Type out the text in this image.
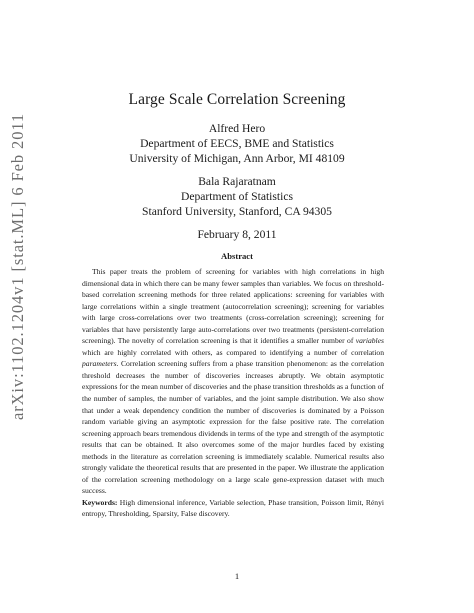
arXiv:1102.1204v1 [stat.ML] 6 Feb 2011
Large Scale Correlation Screening
Alfred Hero
Department of EECS, BME and Statistics
University of Michigan, Ann Arbor, MI 48109
Bala Rajaratnam
Department of Statistics
Stanford University, Stanford, CA 94305
February 8, 2011
Abstract

This paper treats the problem of screening for variables with high correlations in high dimensional data in which there can be many fewer samples than variables. We focus on threshold-based correlation screening methods for three related applications: screening for variables with large correlations within a single treatment (autocorrelation screening); screening for variables with large cross-correlations over two treatments (cross-correlation screening); screening for variables that have persistently large auto-correlations over two treatments (persistent-correlation screening). The novelty of correlation screening is that it identifies a smaller number of variables which are highly correlated with others, as compared to identifying a number of correlation parameters. Correlation screening suffers from a phase transition phenomenon: as the correlation threshold decreases the number of discoveries increases abruptly. We obtain asymptotic expressions for the mean number of discoveries and the phase transition thresholds as a function of the number of samples, the number of variables, and the joint sample distribution. We also show that under a weak dependency condition the number of discoveries is dominated by a Poisson random variable giving an asymptotic expression for the false positive rate. The correlation screening approach bears tremendous dividends in terms of the type and strength of the asymptotic results that can be obtained. It also overcomes some of the major hurdles faced by existing methods in the literature as correlation screening is immediately scalable. Numerical results also strongly validate the theoretical results that are presented in the paper. We illustrate the application of the correlation screening methodology on a large scale gene-expression dataset with much success.

Keywords: High dimensional inference, Variable selection, Phase transition, Poisson limit, Rényi entropy, Thresholding, Sparsity, False discovery.

1
